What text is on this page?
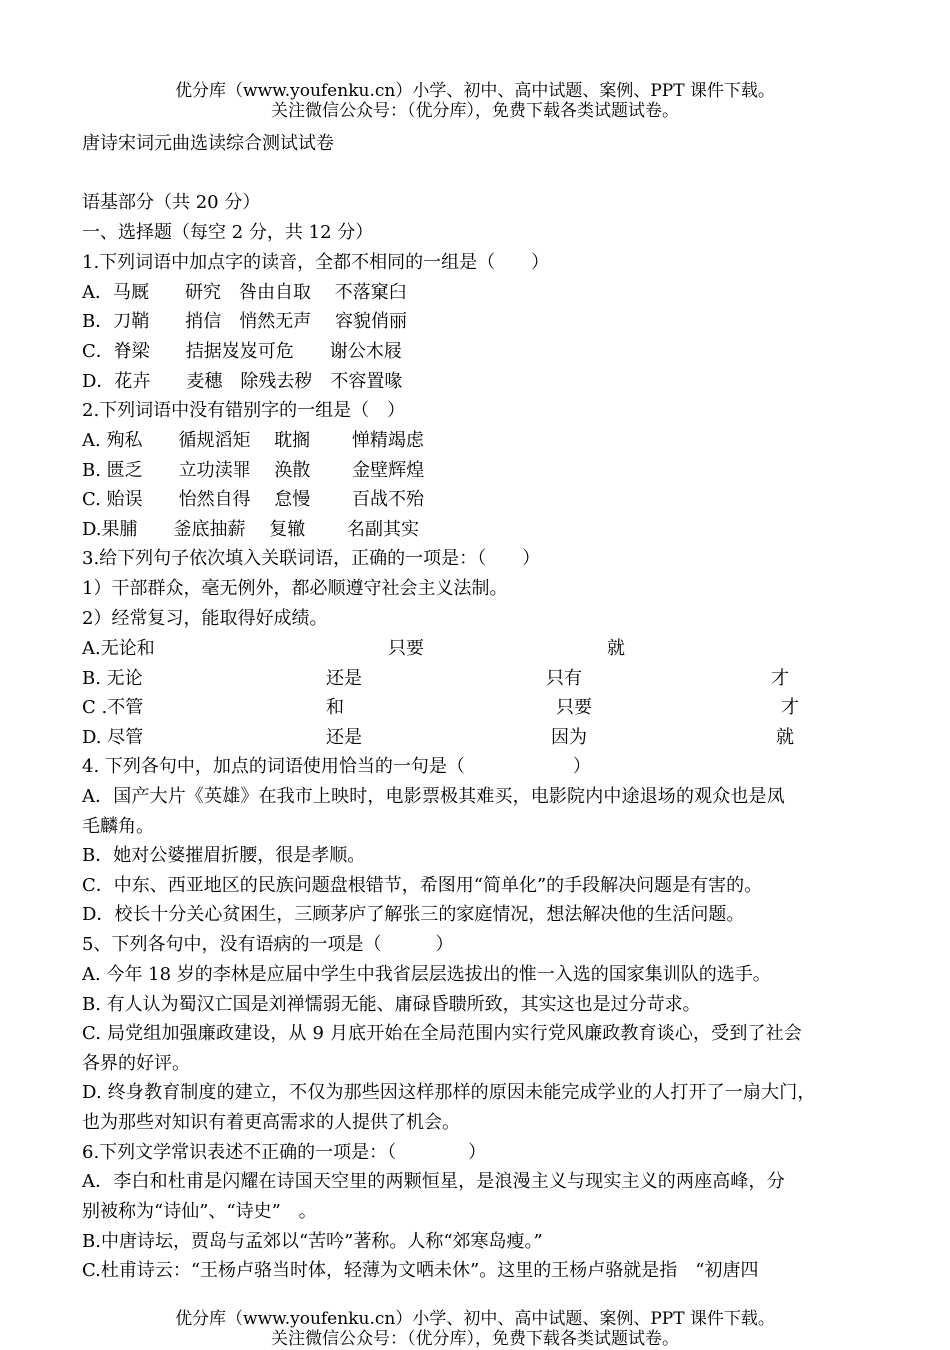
优分库（www.youfenku.cn）小学、初中、高中试题、案例、PPT 课件下载。
关注微信公众号：（优分库），免费下载各类试题试卷。
唐诗宋词元曲选读综合测试试卷
语基部分（共 20 分）
一、选择题（每空 2 分，共 12 分）
1.下列词语中加点字的读音，全都不相同的一组是（　　）
A．马厩　　研究　咎由自取　 不落窠臼
B．刀鞘　　捎信　悄然无声　 容貌俏丽
C．脊梁　　拮据岌岌可危　　谢公木屐
D．花卉　　麦穗　除残去秽　不容置喙
2.下列词语中没有错别字的一组是（　）
A. 殉私　　循规滔矩　 耽搁　　 惮精竭虑
B. 匮乏　　立功渎罪　 涣散　　 金壁辉煌
C. 贻误　　怡然自得　 怠慢　　 百战不殆
D.果脯　　釜底抽薪　 复辙　　 名副其实
3.给下列句子依次填入关联词语，正确的一项是：（　　）
1）干部群众，毫无例外，都必顺遵守社会主义法制。
2）经常复习，能取得好成绩。
A.无论和	只要	就
B. 无论	还是	只有	才
C .不管	和	只要	才
D. 尽管	还是	因为	就
4. 下列各句中，加点的词语使用恰当的一句是（　　　　　　）
A．国产大片《英雄》在我市上映时，电影票极其难买，电影院内中途退场的观众也是凤
毛麟角。
B．她对公婆摧眉折腰，很是孝顺。
C．中东、西亚地区的民族问题盘根错节，希图用“简单化”的手段解决问题是有害的。
D．校长十分关心贫困生，三顾茅庐了解张三的家庭情况，想法解决他的生活问题。
5、下列各句中，没有语病的一项是（　　　）
A. 今年 18 岁的李林是应届中学生中我省层层选拔出的惟一入选的国家集训队的选手。
B. 有人认为蜀汉亡国是刘禅懦弱无能、庸碌昏聩所致，其实这也是过分苛求。
C. 局党组加强廉政建设，从 9 月底开始在全局范围内实行党风廉政教育谈心，受到了社会
各界的好评。
D. 终身教育制度的建立，不仅为那些因这样那样的原因未能完成学业的人打开了一扇大门，
也为那些对知识有着更高需求的人提供了机会。
6.下列文学常识表述不正确的一项是：（　　　　）
A．李白和杜甫是闪耀在诗国天空里的两颗恒星，是浪漫主义与现实主义的两座高峰，分
别被称为“诗仙”、“诗史”　。
B.中唐诗坛，贾岛与孟郊以“苦吟”著称。人称“郊寒岛瘦。”
C.杜甫诗云：“王杨卢骆当时体，轻薄为文哂未休”。这里的王杨卢骆就是指　“初唐四
优分库（www.youfenku.cn）小学、初中、高中试题、案例、PPT 课件下载。
关注微信公众号：（优分库），免费下载各类试题试卷。
